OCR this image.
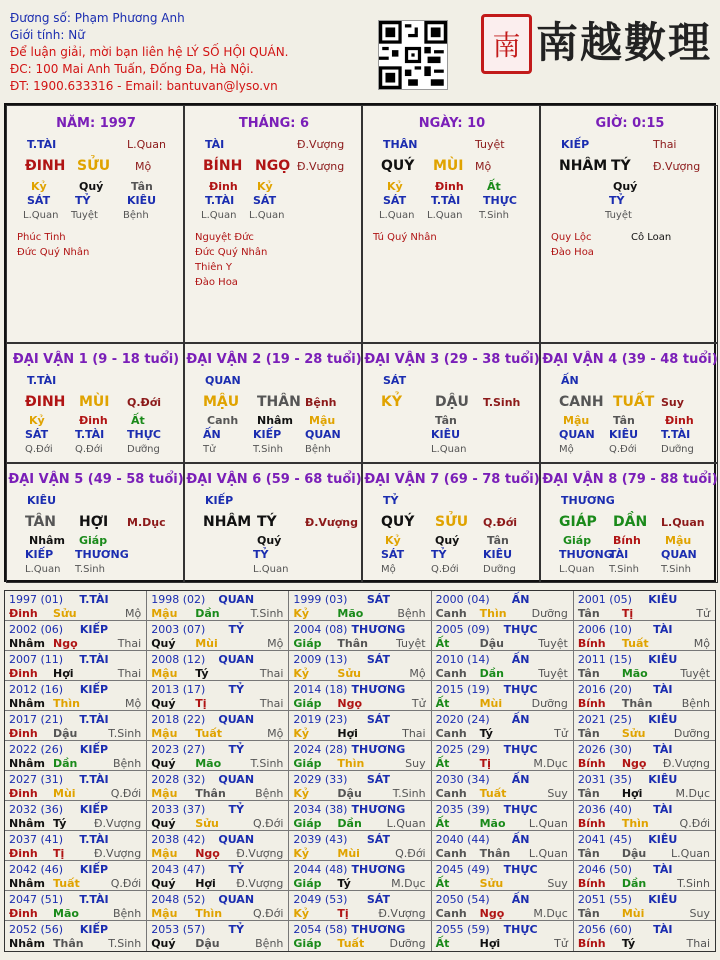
Đương số: Phạm Phương Anh
Giới tính: Nữ
Để luận giải, mời bạn liên hệ LÝ SỐ HỘI QUÁN.
ĐC: 100 Mai Anh Tuấn, Đống Đa, Hà Nội.
ĐT: 1900.633316 - Email: bantuvan@lyso.vn
南 南越數理
NĂM: 1997
T.TÀI	L.Quan
ĐINH SỬU Mộ
Kỷ
SÁT
L.Quan
Quý
TỶ
Tuyệt
Tân
KIÊU
Bệnh
Phúc Tinh
Đức Quý Nhân
THÁNG: 6
TÀI	Đ.Vượng
BÍNH NGỌ Đ.Vượng
Đinh
T.TÀI
L.Quan
Kỷ
SÁT
L.Quan
Nguyệt Đức
Đức Quý Nhân
Thiên Y
Đào Hoa
NGÀY: 10
THÂN	Tuyệt
QUÝ MÙI Mộ
Kỷ
SÁT
L.Quan
Đinh
T.TÀI
L.Quan
Ất
THỰC
T.Sinh
Tú Quý Nhân
GIỜ: 0:15
KIẾP	Thai
NHÂM TÝ Đ.Vượng
Quý
TỶ
Tuyệt
Quy Lộc
Đào Hoa
Cô Loan
ĐẠI VẬN 1 (9 - 18 tuổi)
T.TÀI
ĐINH MÙI Q.Đới
Kỷ
SÁT
Q.Đới
Đinh
T.TÀI
Q.Đới
Ất
THỰC
Dưỡng
ĐẠI VẬN 2 (19 - 28 tuổi)
QUAN
MẬU THÂN Bệnh
Canh
ẤN
Tử
Nhâm
KIẾP
T.Sinh
Mậu
QUAN
Bệnh
ĐẠI VẬN 3 (29 - 38 tuổi)
SÁT
KỶ DẬU T.Sinh
Tân
KIÊU
L.Quan
ĐẠI VẬN 4 (39 - 48 tuổi)
ẤN
CANH TUẤT Suy
Mậu
QUAN
Mộ
Tân
KIÊU
Q.Đới
Đinh
T.TÀI
Dưỡng
ĐẠI VẬN 5 (49 - 58 tuổi)
KIÊU
TÂN HỢI M.Dục
Nhâm
KIẾP
L.Quan
Giáp
THƯƠNG
T.Sinh
ĐẠI VẬN 6 (59 - 68 tuổi)
KIẾP
NHÂM TÝ	Đ.Vượng
Quý
TỶ
L.Quan
ĐẠI VẬN 7 (69 - 78 tuổi)
TỶ
QUÝ SỬU Q.Đới
Kỷ
SÁT
Mộ
Quý
TỶ
Q.Đới
Tân
KIÊU
Dưỡng
ĐẠI VẬN 8 (79 - 88 tuổi)
THƯƠNG
GIÁP DẦN L.Quan
Giáp
THƯƠNG
L.Quan
Bính
TÀI
T.Sinh
Mậu
QUAN
T.Sinh
1997 (01)	T.TÀI
Đinh Sửu	Mộ
1998 (02)	QUAN
Mậu Dần	T.Sinh
1999 (03)	SÁT
Kỷ	Mão	Bệnh
2000 (04)	ẤN
Canh Thìn Dưỡng
2001 (05)	KIÊU
Tân Tị	Tử
2002 (06)	KIẾP
Nhâm Ngọ	Thai
2003 (07)	TỶ
Quý Mùi	Mộ
2004 (08) THƯƠNG
Giáp Thân	Tuyệt
2005 (09)	THỰC
Ất	Dậu	Tuyệt
2006 (10)	TÀI
Bính Tuất	Mộ
2007 (11)	T.TÀI
Đinh Hợi	Thai
2008 (12)	QUAN
Mậu Tý	Thai
2009 (13)	SÁT
Kỷ	Sửu	Mộ
2010 (14)	ẤN
Canh Dần	Tuyệt
2011 (15)	KIÊU
Tân Mão	Tuyệt
2012 (16)	KIẾP
Nhâm Thìn	Mộ
2013 (17)	TỶ
Quý Tị	Thai
2014 (18) THƯƠNG
Giáp Ngọ	Tử
2015 (19)	THỰC
Ất	Mùi	Dưỡng
2016 (20)	TÀI
Bính Thân	Bệnh
2017 (21)	T.TÀI
Đinh Dậu	T.Sinh
2018 (22)	QUAN
Mậu Tuất	Mộ
2019 (23)	SÁT
Kỷ	Hợi	Thai
2020 (24)	ẤN
Canh Tý	Tử
2021 (25)	KIÊU
Tân Sửu	Dưỡng
2022 (26)	KIẾP
Nhâm Dần	Bệnh
2023 (27)	TỶ
Quý Mão	T.Sinh
2024 (28) THƯƠNG
Giáp Thìn	Suy
2025 (29)	THỰC
Ất	Tị	M.Dục
2026 (30)	TÀI
Bính Ngọ Đ.Vượng
2027 (31)	T.TÀI
Đinh Mùi	Q.Đới
2028 (32)	QUAN
Mậu Thân	Bệnh
2029 (33)	SÁT
Kỷ	Dậu	T.Sinh
2030 (34)	ẤN
Canh Tuất	Suy
2031 (35)	KIÊU
Tân Hợi	M.Dục
2032 (36)	KIẾP
Nhâm Tý	Đ.Vượng
2033 (37)	TỶ
Quý Sửu	Q.Đới
2034 (38) THƯƠNG
Giáp Dần L.Quan
2035 (39)	THỰC
Ất	Mão L.Quan
2036 (40)	TÀI
Bính Thìn	Q.Đới
2037 (41)	T.TÀI
Đinh Tị	Đ.Vượng
2038 (42)	QUAN
Mậu Ngọ Đ.Vượng
2039 (43)	SÁT
Kỷ	Mùi	Q.Đới
2040 (44)	ẤN
Canh Thân L.Quan
2041 (45)	KIÊU
Tân Dậu L.Quan
2042 (46)	KIẾP
Nhâm Tuất	Q.Đới
2043 (47)	TỶ
Quý Hợi Đ.Vượng
2044 (48) THƯƠNG
Giáp Tý	M.Dục
2045 (49)	THỰC
Ất	Sửu	Suy
2046 (50)	TÀI
Bính Dần	T.Sinh
2047 (51)	T.TÀI
Đinh Mão	Bệnh
2048 (52)	QUAN
Mậu Thìn	Q.Đới
2049 (53)	SÁT
Kỷ	Tị	Đ.Vượng
2050 (54)	ẤN
Canh Ngọ	M.Dục
2051 (55)	KIÊU
Tân Mùi	Suy
2052 (56)	KIẾP
Nhâm Thân T.Sinh
2053 (57)	TỶ
Quý Dậu	Bệnh
2054 (58) THƯƠNG
Giáp Tuất Dưỡng
2055 (59)	THỰC
Ất	Hợi	Tử
2056 (60)	TÀI
Bính Tý	Thai
